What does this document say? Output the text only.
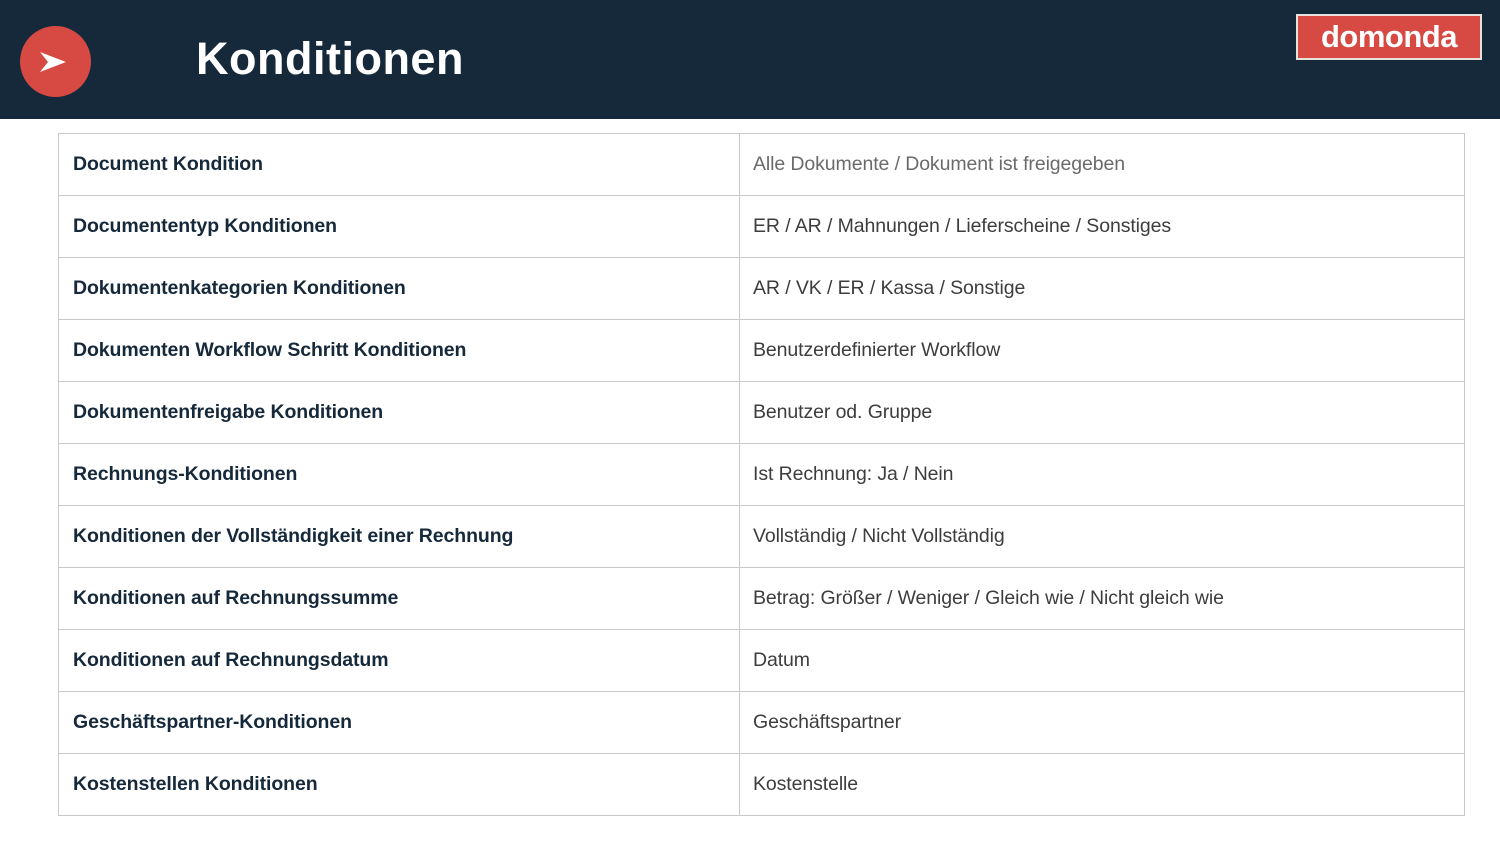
Konditionen	domonda
Document Kondition	Alle Dokumente / Dokument ist freigegeben
Documententyp Konditionen	ER / AR / Mahnungen / Lieferscheine / Sonstiges
Dokumentenkategorien Konditionen	AR / VK / ER / Kassa / Sonstige
Dokumenten Workflow Schritt Konditionen	Benutzerdefinierter Workflow
Dokumentenfreigabe Konditionen	Benutzer od. Gruppe
Rechnungs-Konditionen	Ist Rechnung: Ja / Nein
Konditionen der Vollständigkeit einer Rechnung	Vollständig / Nicht Vollständig
Konditionen auf Rechnungssumme	Betrag: Größer / Weniger / Gleich wie / Nicht gleich wie
Konditionen auf Rechnungsdatum	Datum
Geschäftspartner-Konditionen	Geschäftspartner
Kostenstellen Konditionen	Kostenstelle
